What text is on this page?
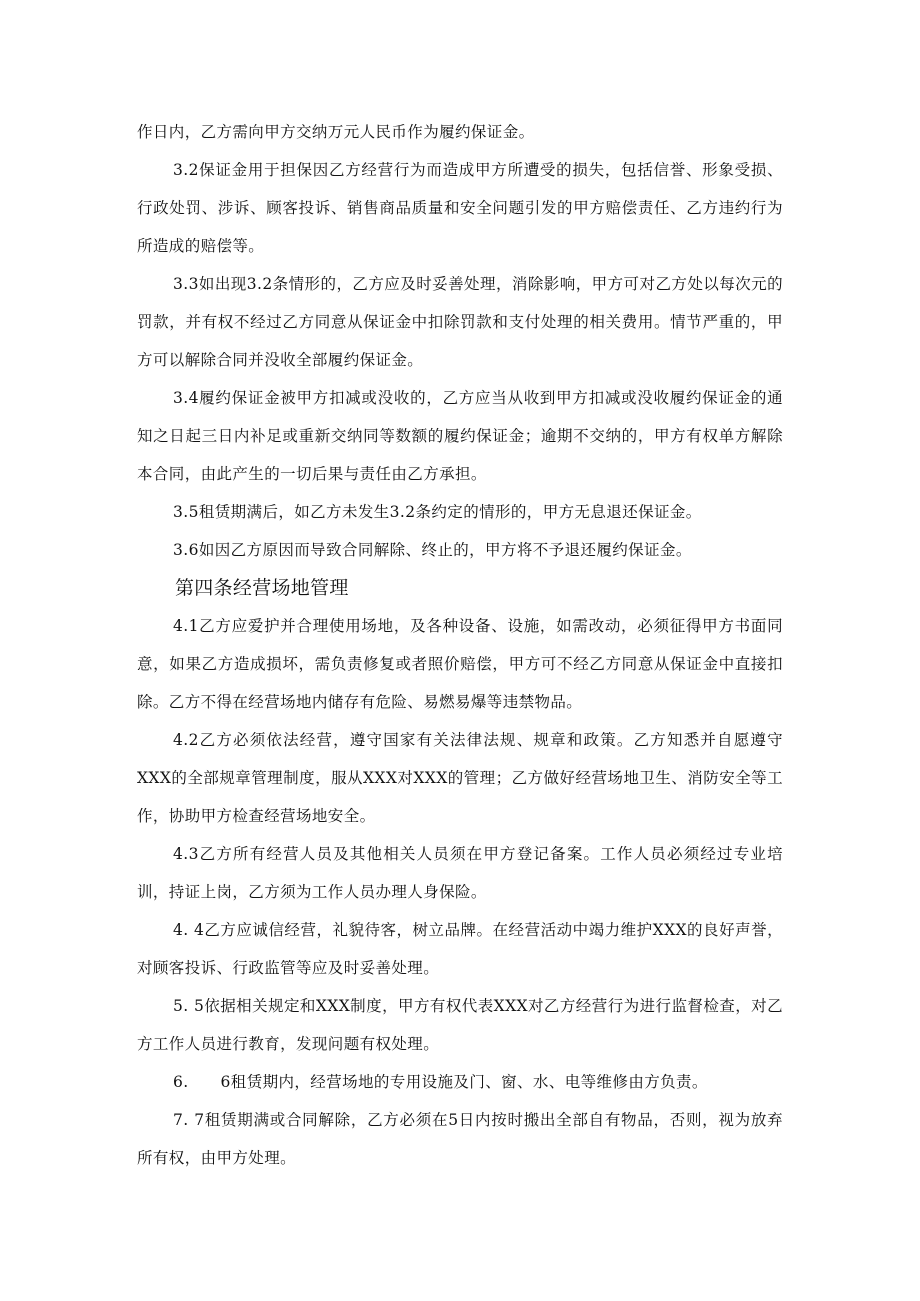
作日内，乙方需向甲方交纳万元人民币作为履约保证金。

3.2保证金用于担保因乙方经营行为而造成甲方所遭受的损失，包括信誉、形象受损、行政处罚、涉诉、顾客投诉、销售商品质量和安全问题引发的甲方赔偿责任、乙方违约行为所造成的赔偿等。

3.3如出现3.2条情形的，乙方应及时妥善处理，消除影响，甲方可对乙方处以每次元的罚款，并有权不经过乙方同意从保证金中扣除罚款和支付处理的相关费用。情节严重的，甲方可以解除合同并没收全部履约保证金。

3.4履约保证金被甲方扣减或没收的，乙方应当从收到甲方扣减或没收履约保证金的通知之日起三日内补足或重新交纳同等数额的履约保证金；逾期不交纳的，甲方有权单方解除本合同，由此产生的一切后果与责任由乙方承担。

3.5租赁期满后，如乙方未发生3.2条约定的情形的，甲方无息退还保证金。

3.6如因乙方原因而导致合同解除、终止的，甲方将不予退还履约保证金。

第四条经营场地管理

4.1乙方应爱护并合理使用场地，及各种设备、设施，如需改动，必须征得甲方书面同意，如果乙方造成损坏，需负责修复或者照价赔偿，甲方可不经乙方同意从保证金中直接扣除。乙方不得在经营场地内储存有危险、易燃易爆等违禁物品。

4.2乙方必须依法经营，遵守国家有关法律法规、规章和政策。乙方知悉并自愿遵守XXX的全部规章管理制度，服从XXX对XXX的管理；乙方做好经营场地卫生、消防安全等工作，协助甲方检查经营场地安全。

4.3乙方所有经营人员及其他相关人员须在甲方登记备案。工作人员必须经过专业培训，持证上岗，乙方须为工作人员办理人身保险。

4. 4乙方应诚信经营，礼貌待客，树立品牌。在经营活动中竭力维护XXX的良好声誉，对顾客投诉、行政监管等应及时妥善处理。

5. 5依据相关规定和XXX制度，甲方有权代表XXX对乙方经营行为进行监督检查，对乙方工作人员进行教育，发现问题有权处理。

6.      6租赁期内，经营场地的专用设施及门、窗、水、电等维修由方负责。

7. 7租赁期满或合同解除，乙方必须在5日内按时搬出全部自有物品，否则，视为放弃所有权，由甲方处理。
